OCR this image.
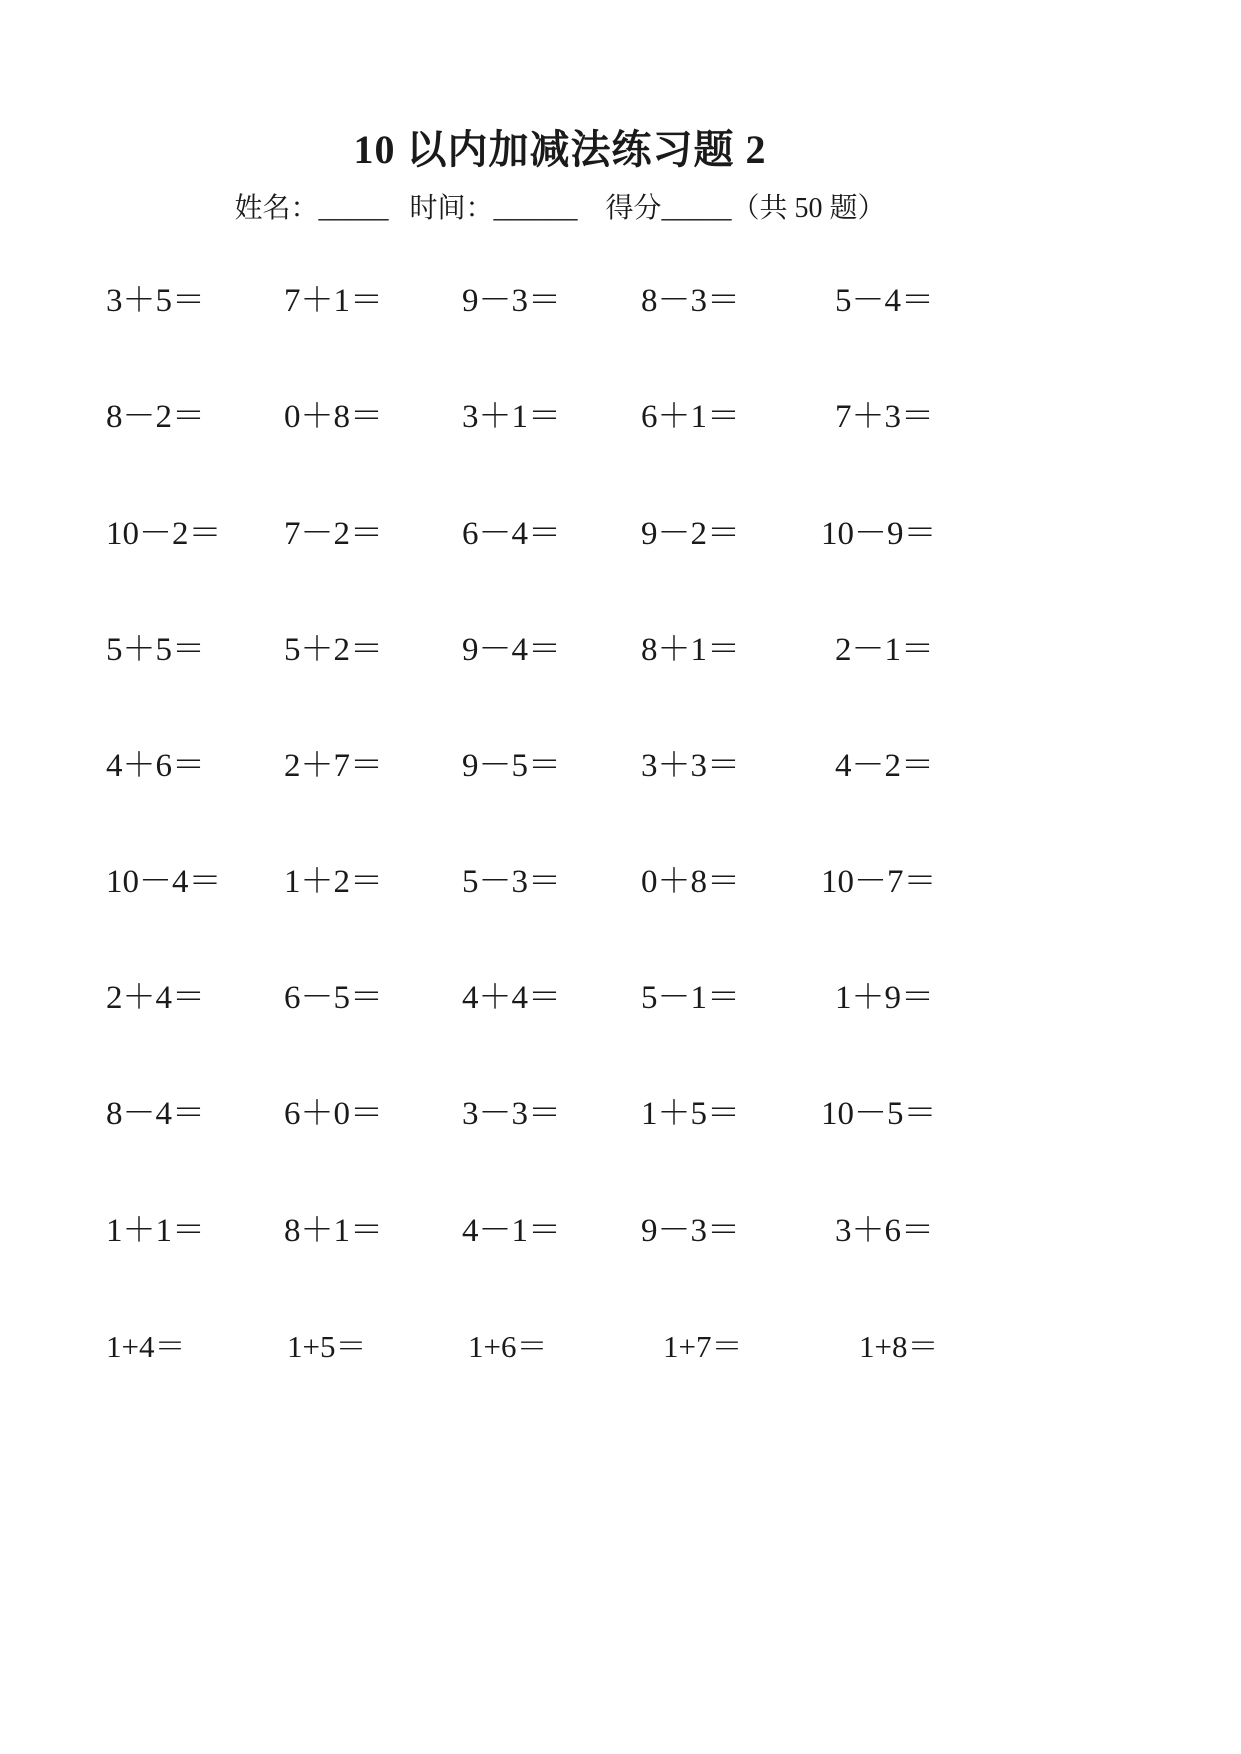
10 以内加减法练习题 2
姓名：_____   时间：______    得分_____（共 50 题）
3＋5＝ 7＋1＝ 9－3＝ 8－3＝	5－4＝
8－2＝ 0＋8＝ 3＋1＝ 6＋1＝	7＋3＝
10－2＝ 7－2＝ 6－4＝ 9－2＝ 10－9＝
5＋5＝ 5＋2＝ 9－4＝ 8＋1＝	2－1＝
4＋6＝ 2＋7＝ 9－5＝ 3＋3＝	4－2＝
10－4＝ 1＋2＝ 5－3＝ 0＋8＝ 10－7＝
2＋4＝ 6－5＝ 4＋4＝ 5－1＝	1＋9＝
8－4＝ 6＋0＝ 3－3＝ 1＋5＝ 10－5＝
1＋1＝ 8＋1＝ 4－1＝ 9－3＝	3＋6＝
1+4＝	1+5＝	1+6＝	1+7＝	1+8＝
